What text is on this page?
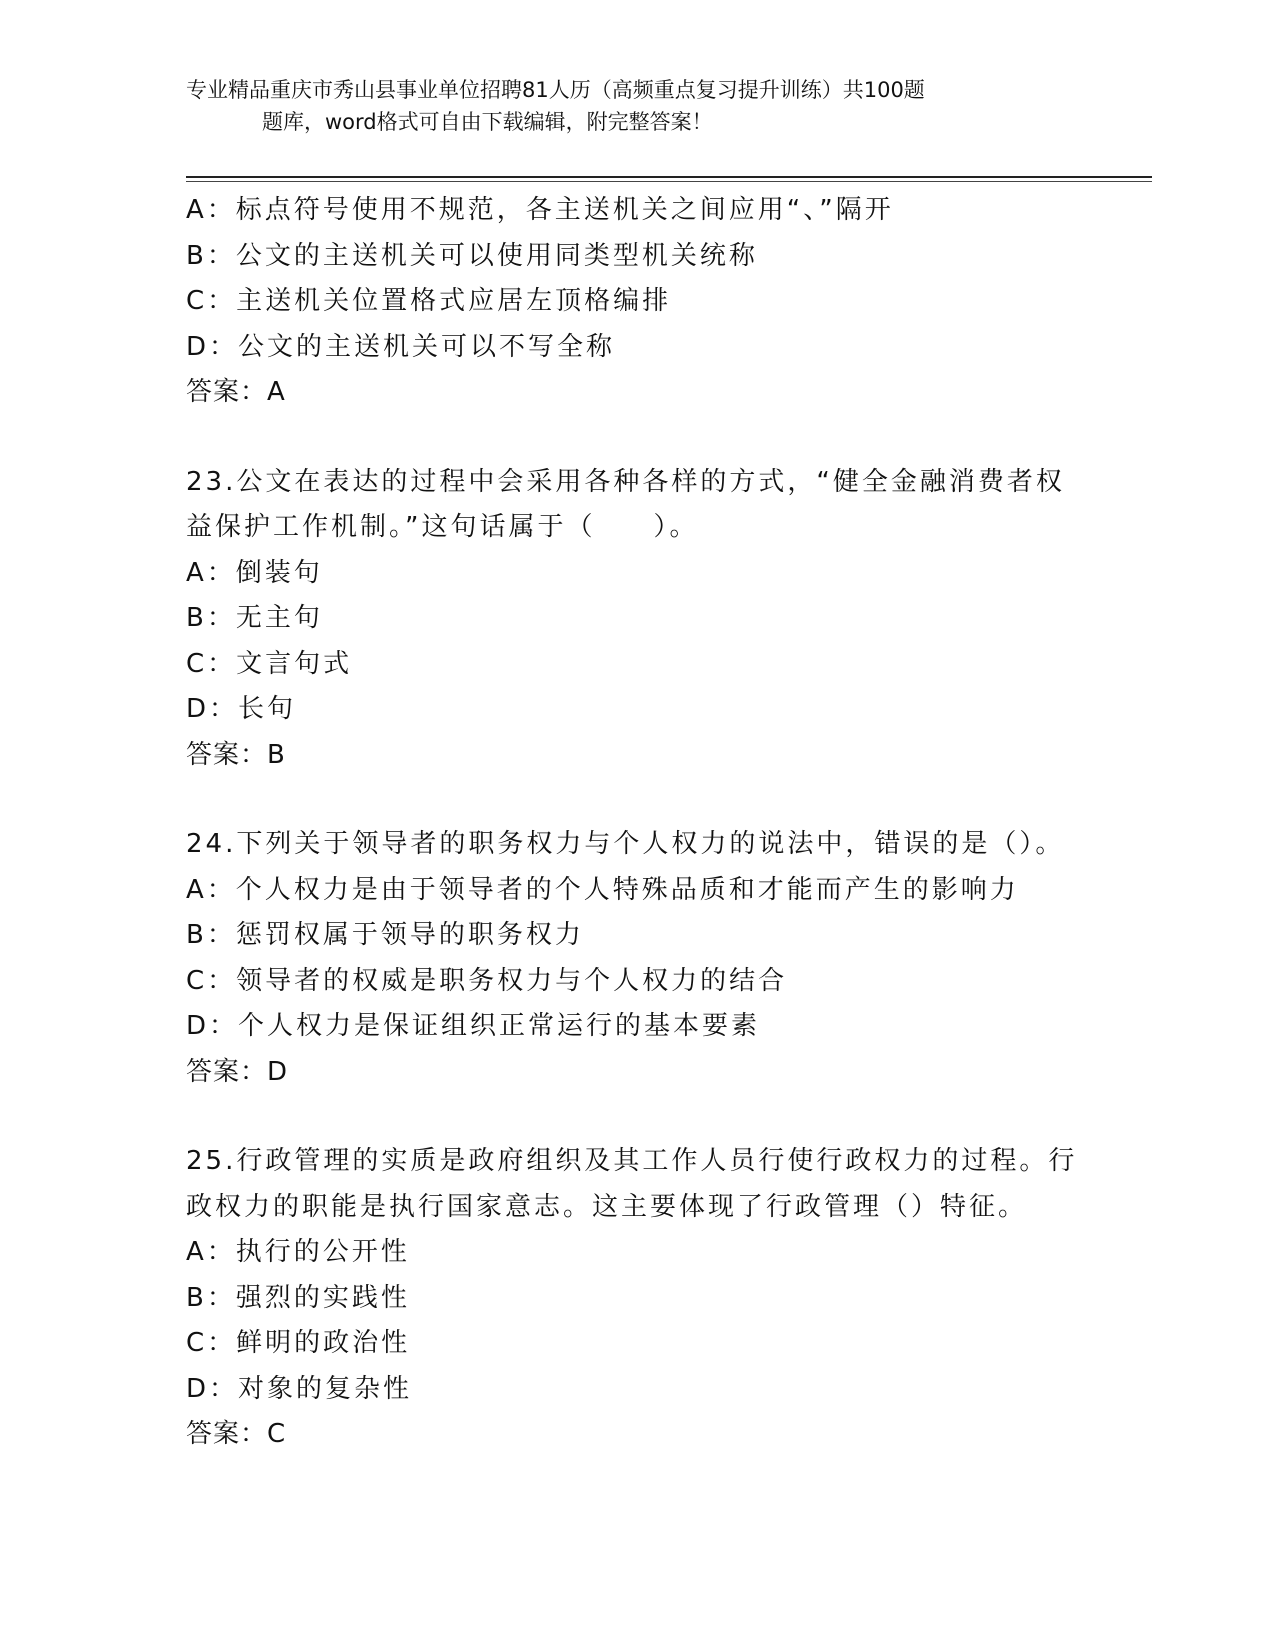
专业精品重庆市秀山县事业单位招聘81人历（高频重点复习提升训练）共100题
题库，word格式可自由下载编辑，附完整答案！
A：标点符号使用不规范，各主送机关之间应用“、”隔开
B：公文的主送机关可以使用同类型机关统称
C：主送机关位置格式应居左顶格编排
D：公文的主送机关可以不写全称
答案：A
23.公文在表达的过程中会采用各种各样的方式，“健全金融消费者权
益保护工作机制。”这句话属于（　　）。
A：倒装句
B：无主句
C：文言句式
D：长句
答案：B
24.下列关于领导者的职务权力与个人权力的说法中，错误的是（）。
A：个人权力是由于领导者的个人特殊品质和才能而产生的影响力
B：惩罚权属于领导的职务权力
C：领导者的权威是职务权力与个人权力的结合
D：个人权力是保证组织正常运行的基本要素
答案：D
25.行政管理的实质是政府组织及其工作人员行使行政权力的过程。行
政权力的职能是执行国家意志。这主要体现了行政管理（）特征。
A：执行的公开性
B：强烈的实践性
C：鲜明的政治性
D：对象的复杂性
答案：C
